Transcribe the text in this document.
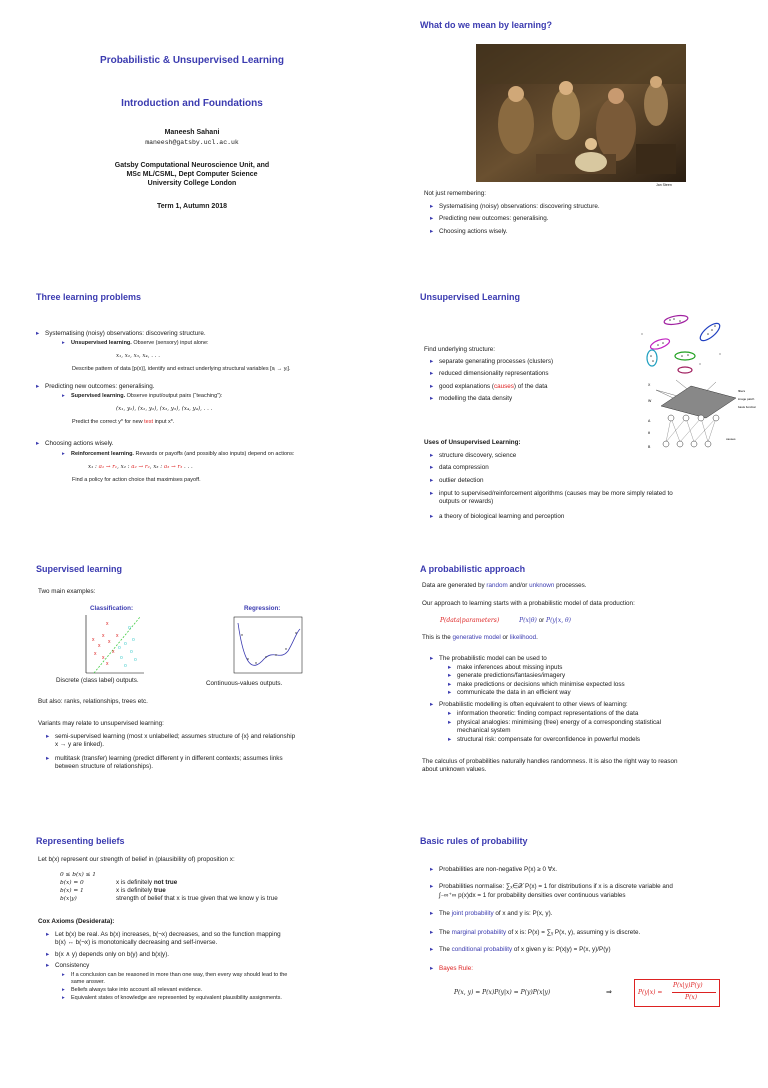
Probabilistic & Unsupervised Learning
Introduction and Foundations
Maneesh Sahani
maneesh@gatsby.ucl.ac.uk
Gatsby Computational Neuroscience Unit, and
MSc ML/CSML, Dept Computer Science
University College London
Term 1, Autumn 2018
What do we mean by learning?
Jan Steen
Not just remembering:
▸ Systematising (noisy) observations: discovering structure.
▸ Predicting new outcomes: generalising.
▸ Choosing actions wisely.
Three learning problems
▸ Systematising (noisy) observations: discovering structure.
▸ Unsupervised learning. Observe (sensory) input alone:
x₁, x₂, x₃, x₄, . . .
Describe pattern of data [p(x)], identify and extract underlying structural variables [xᵢ → yᵢ].
▸ Predicting new outcomes: generalising.
▸ Supervised learning. Observe input/output pairs (“teaching”):
(x₁, y₁), (x₂, y₂), (x₃, y₃), (x₄, y₄), . . .
Predict the correct y* for new test input x*.
▸ Choosing actions wisely.
▸ Reinforcement learning. Rewards or payoffs (and possibly also inputs) depend on actions:
x₁ : a₁ → r₁, x₂ : a₂ → r₂, x₃ : a₃ → r₃ . . .
Find a policy for action choice that maximises payoff.
Unsupervised Learning
filters
image patch
basis functions
causes
X
W
θ
A
B
Find underlying structure:
▸ separate generating processes (clusters)
▸ reduced dimensionality representations
▸ good explanations (causes) of the data
▸ modelling the data density
Uses of Unsupervised Learning:
▸ structure discovery, science
▸ data compression
▸ outlier detection
▸ input to supervised/reinforcement algorithms (causes may be more simply related to
outputs or rewards)
▸ a theory of biological learning and perception
Supervised learning
Two main examples:
Classification:	Regression:
x
x
x
x
x
x
x
x
x
x
o
o
o
o
o o
o
o
Discrete (class label) outputs.	Continuous-values outputs.
But also: ranks, relationships, trees etc.
Variants may relate to unsupervised learning:
▸ semi-supervised learning (most x unlabelled; assumes structure of {x} and relationship
x → y are linked).
▸ multitask (transfer) learning (predict different y in different contexts; assumes links
between structure of relationships).
A probabilistic approach
Data are generated by random and/or unknown processes.
Our approach to learning starts with a probabilistic model of data production:
P(data|parameters)	P(x|θ) or P(y|x, θ)
This is the generative model or likelihood.
▸ The probabilistic model can be used to
▸ make inferences about missing inputs
▸ generate predictions/fantasies/imagery
▸ make predictions or decisions which minimise expected loss
▸ communicate the data in an efficient way
▸ Probabilistic modelling is often equivalent to other views of learning:
▸ information theoretic: finding compact representations of the data
▸ physical analogies: minimising (free) energy of a corresponding statistical
mechanical system
▸ structural risk: compensate for overconfidence in powerful models
The calculus of probabilities naturally handles randomness. It is also the right way to reason
about unknown values.
Representing beliefs
Let b(x) represent our strength of belief in (plausibility of) proposition x:
0 ≤ b(x) ≤ 1
b(x) = 0	x is definitely not true
b(x) = 1	x is definitely true
b(x|y)	strength of belief that x is true given that we know y is true
Cox Axioms (Desiderata):
▸ Let b(x) be real. As b(x) increases, b(¬x) decreases, and so the function mapping
b(x) ↔ b(¬x) is monotonically decreasing and self-inverse.
▸ b(x ∧ y) depends only on b(y) and b(x|y).
▸ Consistency
▸ If a conclusion can be reasoned in more than one way, then every way should lead to the
same answer.
▸ Beliefs always take into account all relevant evidence.
▸ Equivalent states of knowledge are represented by equivalent plausibility assignments.
Basic rules of probability
▸ Probabilities are non-negative P(x) ≥ 0 ∀x.
▸ Probabilities normalise: ∑ₓ∈𝒳 P(x) = 1 for distributions if x is a discrete variable and
∫₋∞⁺∞ p(x)dx = 1 for probability densities over continuous variables
▸ The joint probability of x and y is: P(x, y).
▸ The marginal probability of x is: P(x) = ∑ᵧ P(x, y), assuming y is discrete.
▸ The conditional probability of x given y is: P(x|y) = P(x, y)/P(y)
▸ Bayes Rule:
P(x, y) = P(x)P(y|x) = P(y)P(x|y)	⇒	P(y|x) =
P(x|y)P(y)
P(x)
